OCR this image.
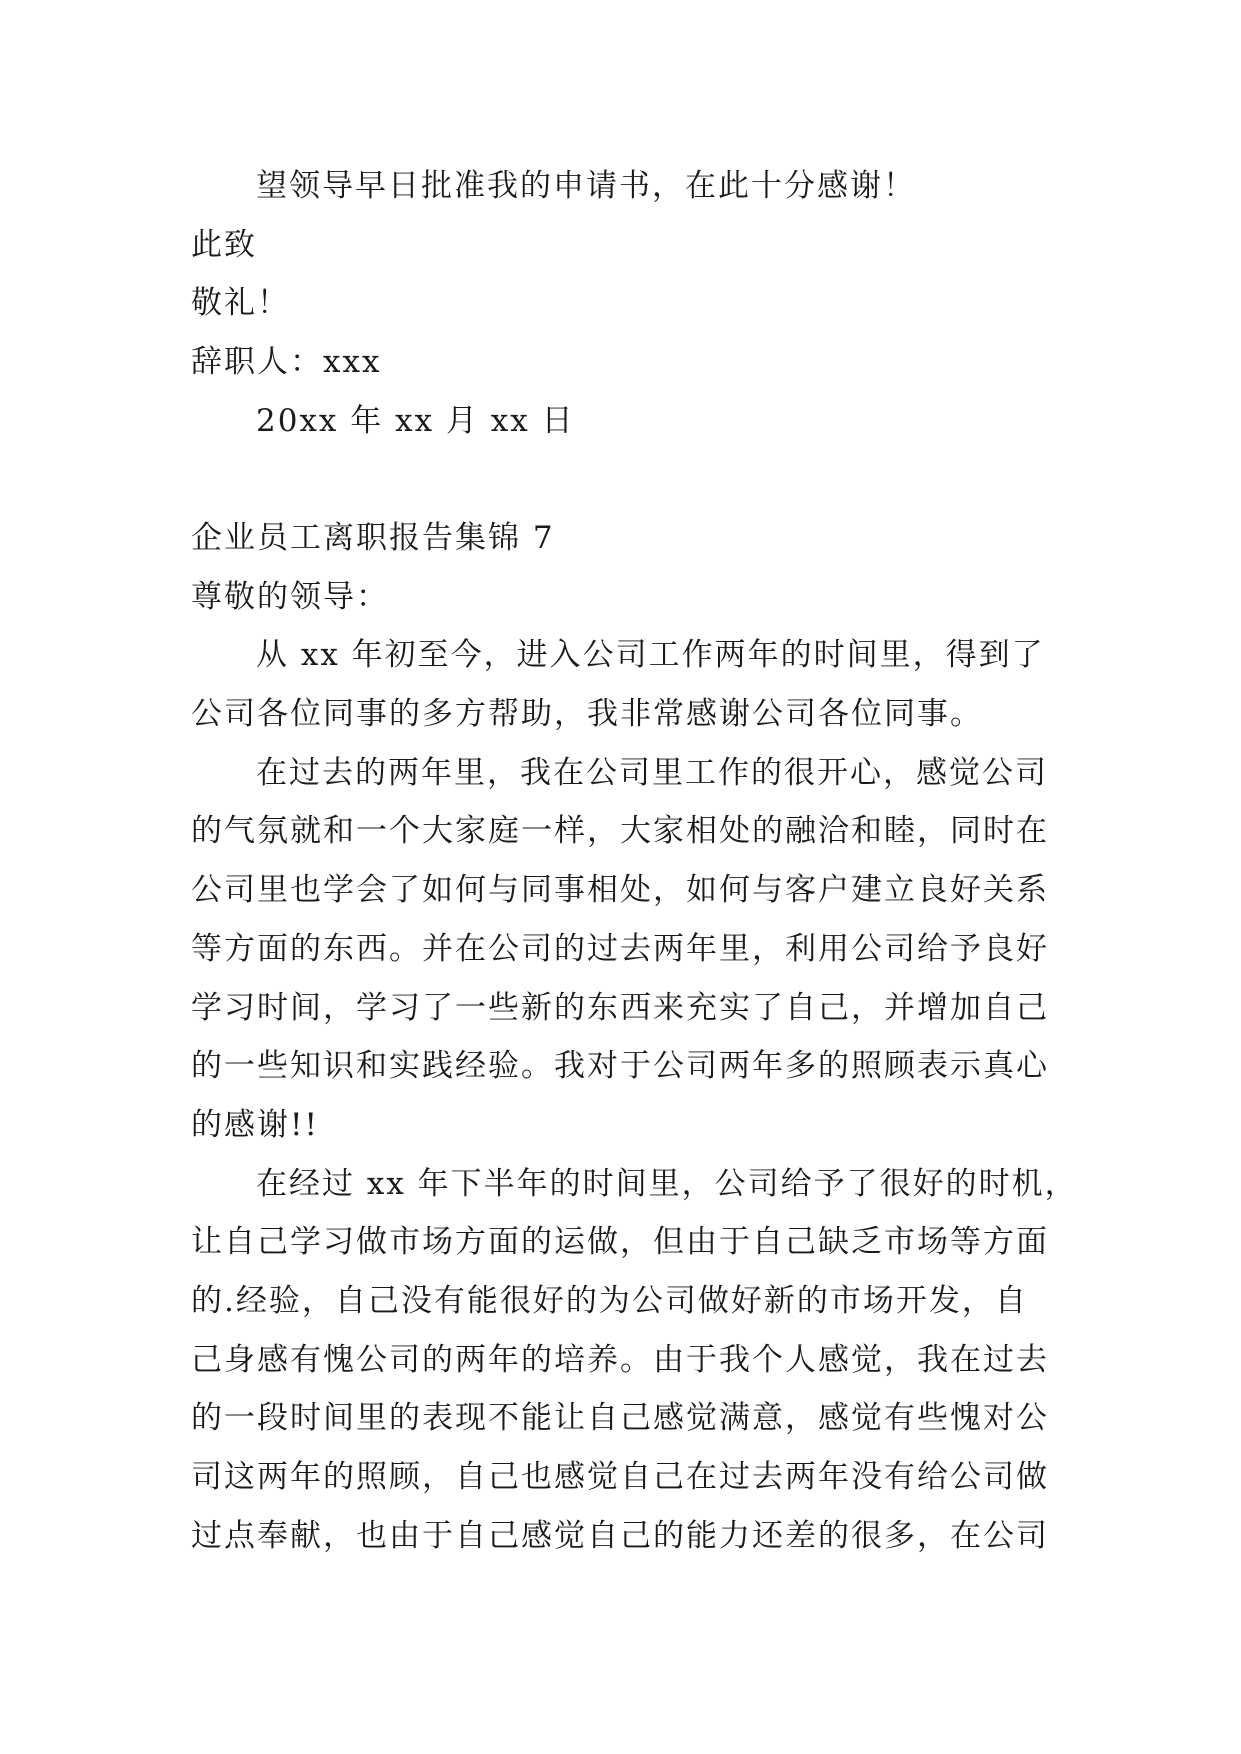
望领导早日批准我的申请书，在此十分感谢！
此致
敬礼！
辞职人：xxx
20xx 年 xx 月 xx 日
企业员工离职报告集锦 7
尊敬的领导：
从 xx 年初至今，进入公司工作两年的时间里，得到了
公司各位同事的多方帮助，我非常感谢公司各位同事。
在过去的两年里，我在公司里工作的很开心，感觉公司
的气氛就和一个大家庭一样，大家相处的融洽和睦，同时在
公司里也学会了如何与同事相处，如何与客户建立良好关系
等方面的东西。并在公司的过去两年里，利用公司给予良好
学习时间，学习了一些新的东西来充实了自己，并增加自己
的一些知识和实践经验。我对于公司两年多的照顾表示真心
的感谢!!
在经过 xx 年下半年的时间里，公司给予了很好的时机，
让自己学习做市场方面的运做，但由于自己缺乏市场等方面
的.经验，自己没有能很好的为公司做好新的市场开发，自
己身感有愧公司的两年的培养。由于我个人感觉，我在过去
的一段时间里的表现不能让自己感觉满意，感觉有些愧对公
司这两年的照顾，自己也感觉自己在过去两年没有给公司做
过点奉献，也由于自己感觉自己的能力还差的很多，在公司
